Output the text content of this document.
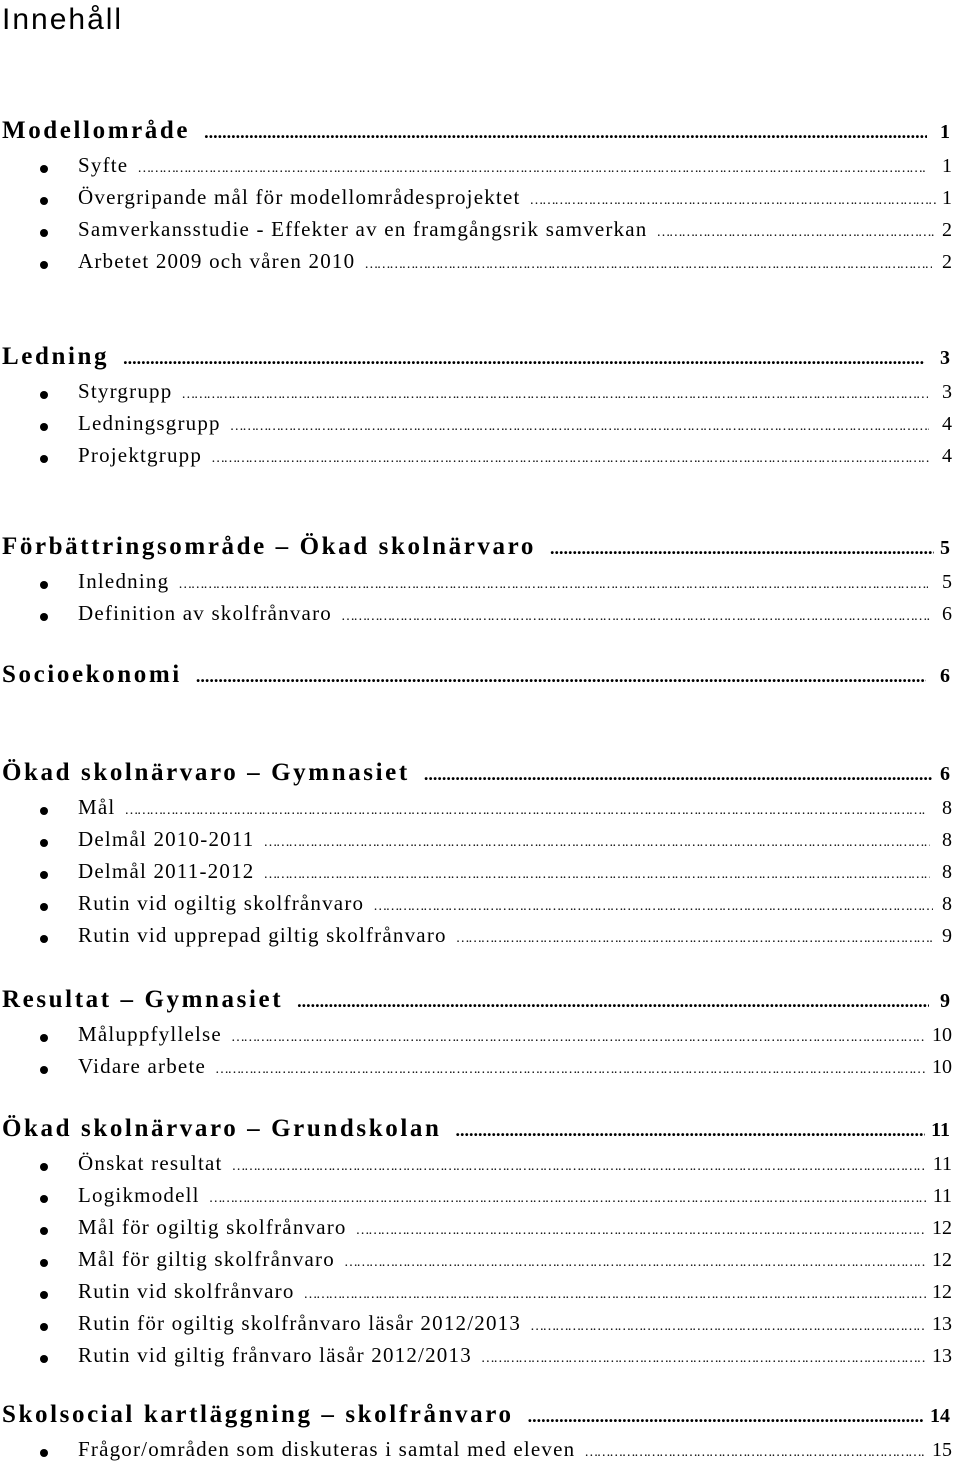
Innehåll
Modellområde .....	1
Syfte …………………………………………………………………………………………………………………………………………………………………………………………………………………………………………………………………………	1
Övergripande mål för modellområdesprojektet …………………………………………………………………………………………………………………………………………………………………………………………………………………………………………………………………………	1
Samverkansstudie - Effekter av en framgångsrik samverkan …………………………………………………………………………………………………………………………………………………………………………………………………………………………………………………………………………	2
Arbetet 2009 och våren 2010 …………………………………………………………………………………………………………………………………………………………………………………………………………………………………………………………………………	2
Ledning .....	3
Styrgrupp …………………………………………………………………………………………………………………………………………………………………………………………………………………………………………………………………………	3
Ledningsgrupp …………………………………………………………………………………………………………………………………………………………………………………………………………………………………………………………………………	4
Projektgrupp …………………………………………………………………………………………………………………………………………………………………………………………………………………………………………………………………………	4
Förbättringsområde – Ökad skolnärvaro .....	5
Inledning …………………………………………………………………………………………………………………………………………………………………………………………………………………………………………………………………………	5
Definition av skolfrånvaro …………………………………………………………………………………………………………………………………………………………………………………………………………………………………………………………………………	6
Socioekonomi .....	6
Ökad skolnärvaro – Gymnasiet .....	6
Mål …………………………………………………………………………………………………………………………………………………………………………………………………………………………………………………………………………	8
Delmål 2010-2011 …………………………………………………………………………………………………………………………………………………………………………………………………………………………………………………………………………	8
Delmål 2011-2012 …………………………………………………………………………………………………………………………………………………………………………………………………………………………………………………………………………	8
Rutin vid ogiltig skolfrånvaro …………………………………………………………………………………………………………………………………………………………………………………………………………………………………………………………………………	8
Rutin vid upprepad giltig skolfrånvaro …………………………………………………………………………………………………………………………………………………………………………………………………………………………………………………………………………	9
Resultat – Gymnasiet .....	9
Måluppfyllelse …………………………………………………………………………………………………………………………………………………………………………………………………………………………………………………………………………	10
Vidare arbete …………………………………………………………………………………………………………………………………………………………………………………………………………………………………………………………………………	10
Ökad skolnärvaro – Grundskolan .....	11
Önskat resultat …………………………………………………………………………………………………………………………………………………………………………………………………………………………………………………………………………	11
Logikmodell …………………………………………………………………………………………………………………………………………………………………………………………………………………………………………………………………………	11
Mål för ogiltig skolfrånvaro …………………………………………………………………………………………………………………………………………………………………………………………………………………………………………………………………………	12
Mål för giltig skolfrånvaro …………………………………………………………………………………………………………………………………………………………………………………………………………………………………………………………………………	12
Rutin vid skolfrånvaro …………………………………………………………………………………………………………………………………………………………………………………………………………………………………………………………………………	12
Rutin för ogiltig skolfrånvaro läsår 2012/2013 …………………………………………………………………………………………………………………………………………………………………………………………………………………………………………………………………………	13
Rutin vid giltig frånvaro läsår 2012/2013 …………………………………………………………………………………………………………………………………………………………………………………………………………………………………………………………………………	13
Skolsocial kartläggning – skolfrånvaro .....	14
Frågor/områden som diskuteras i samtal med eleven …………………………………………………………………………………………………………………………………………………………………………………………………………………………………………………………………………	15
